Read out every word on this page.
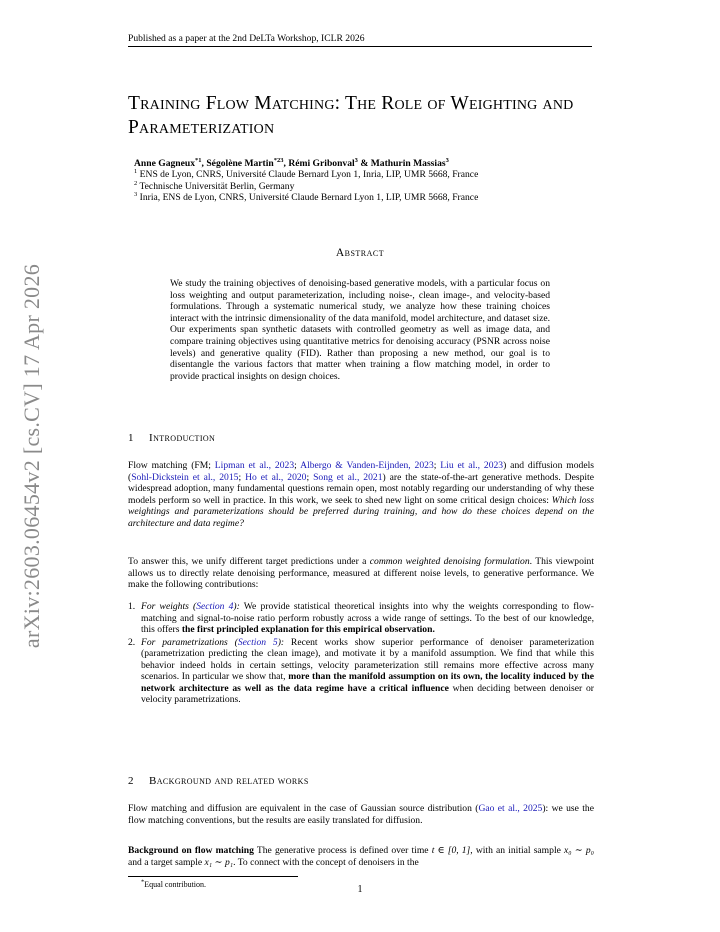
Published as a paper at the 2nd DeLTa Workshop, ICLR 2026
arXiv:2603.06454v2 [cs.CV] 17 Apr 2026
Training Flow Matching: The Role of Weighting and Parameterization
Anne Gagneux$^{*1}$, Ségolène Martin$^{*23}$, Rémi Gribonval$^3$ & Mathurin Massias$^3$
$^1$ ENS de Lyon, CNRS, Université Claude Bernard Lyon 1, Inria, LIP, UMR 5668, France
$^2$ Technische Universität Berlin, Germany
$^3$ Inria, ENS de Lyon, CNRS, Université Claude Bernard Lyon 1, LIP, UMR 5668, France
Abstract
We study the training objectives of denoising-based generative models, with a particular focus on loss weighting and output parameterization, including noise-, clean image-, and velocity-based formulations. Through a systematic numerical study, we analyze how these training choices interact with the intrinsic dimensionality of the data manifold, model architecture, and dataset size. Our experiments span synthetic datasets with controlled geometry as well as image data, and compare training objectives using quantitative metrics for denoising accuracy (PSNR across noise levels) and generative quality (FID). Rather than proposing a new method, our goal is to disentangle the various factors that matter when training a flow matching model, in order to provide practical insights on design choices.
1 Introduction

Flow matching (FM; Lipman et al., 2023; Albergo & Vanden-Eijnden, 2023; Liu et al., 2023) and diffusion models (Sohl-Dickstein et al., 2015; Ho et al., 2020; Song et al., 2021) are the state-of-the-art generative methods. Despite widespread adoption, many fundamental questions remain open, most notably regarding our understanding of why these models perform so well in practice. In this work, we seek to shed new light on some critical design choices: Which loss weightings and parameterizations should be preferred during training, and how do these choices depend on the architecture and data regime?

To answer this, we unify different target predictions under a common weighted denoising formulation. This viewpoint allows us to directly relate denoising performance, measured at different noise levels, to generative performance. We make the following contributions:

1. For weights (Section 4): We provide statistical theoretical insights into why the weights corresponding to flow-matching and signal-to-noise ratio perform robustly across a wide range of settings. To the best of our knowledge, this offers the first principled explanation for this empirical observation.
2. For parametrizations (Section 5): Recent works show superior performance of denoiser parameterization (parametrization predicting the clean image), and motivate it by a manifold assumption. We find that while this behavior indeed holds in certain settings, velocity parameterization still remains more effective across many scenarios. In particular we show that, more than the manifold assumption on its own, the locality induced by the network architecture as well as the data regime have a critical influence when deciding between denoiser or velocity parametrizations.
2 Background and related works

Flow matching and diffusion are equivalent in the case of Gaussian source distribution (Gao et al., 2025): we use the flow matching conventions, but the results are easily translated for diffusion.

Background on flow matching The generative process is defined over time t ∈ [0, 1], with an initial sample x₀ ∼ p₀ and a target sample x₁ ∼ p₁. To connect with the concept of denoisers in the

*Equal contribution.	1
